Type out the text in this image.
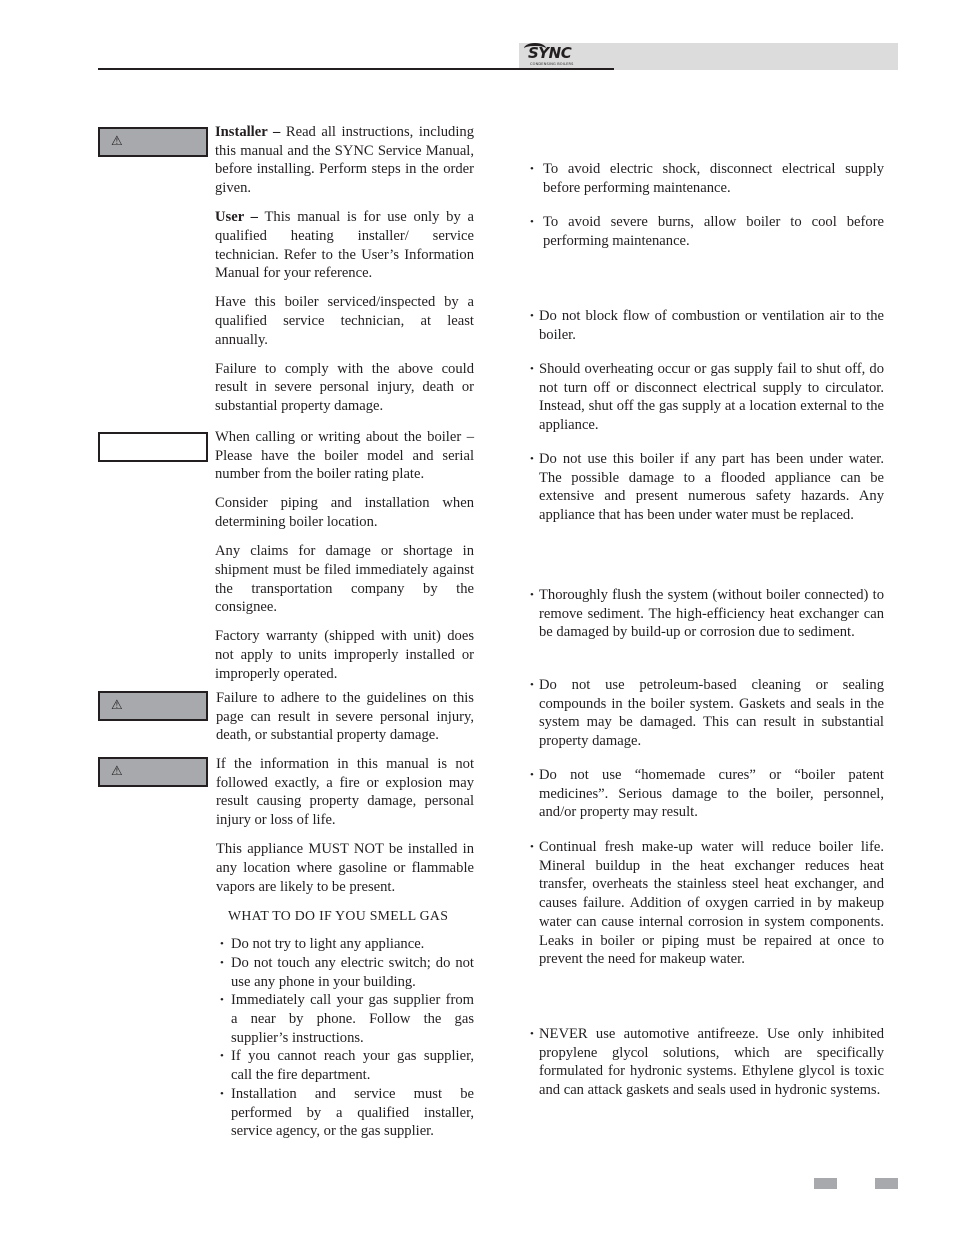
SYNC
CONDENSING BOILERS
⚠
⚠
⚠

Installer – Read all instructions, including this manual and the SYNC Service Manual, before installing. Perform steps in the order given.

User – This manual is for use only by a qualified heating installer/ service technician. Refer to the User’s Information Manual for your reference.

Have this boiler serviced/inspected by a qualified service technician, at least annually.

Failure to comply with the above could result in severe personal injury, death or substantial property damage.

When calling or writing about the boiler – Please have the boiler model and serial number from the boiler rating plate.

Consider piping and installation when determining boiler location.

Any claims for damage or shortage in shipment must be filed immediately against the transportation company by the consignee.

Factory warranty (shipped with unit) does not apply to units improperly installed or improperly operated.

Failure to adhere to the guidelines on this page can result in severe personal injury, death, or substantial property damage.

If the information in this manual is not followed exactly, a fire or explosion may result causing property damage, personal injury or loss of life.

This appliance MUST NOT be installed in any location where gasoline or flammable vapors are likely to be present.

WHAT TO DO IF YOU SMELL GAS
• Do not try to light any appliance.
• Do not touch any electric switch; do not use any phone in your building.
• Immediately call your gas supplier from a near by phone. Follow the gas supplier’s instructions.
• If you cannot reach your gas supplier, call the fire department.
• Installation and service must be performed by a qualified installer, service agency, or the gas supplier.
• To avoid electric shock, disconnect electrical supply before performing maintenance.
• To avoid severe burns, allow boiler to cool before performing maintenance.
• Do not block flow of combustion or ventilation air to the boiler.
• Should overheating occur or gas supply fail to shut off, do not turn off or disconnect electrical supply to circulator. Instead, shut off the gas supply at a location external to the appliance.
• Do not use this boiler if any part has been under water. The possible damage to a flooded appliance can be extensive and present numerous safety hazards. Any appliance that has been under water must be replaced.
• Thoroughly flush the system (without boiler connected) to remove sediment. The high-efficiency heat exchanger can be damaged by build-up or corrosion due to sediment.
• Do not use petroleum-based cleaning or sealing compounds in the boiler system. Gaskets and seals in the system may be damaged. This can result in substantial property damage.
• Do not use “homemade cures” or “boiler patent medicines”. Serious damage to the boiler, personnel, and/or property may result.
• Continual fresh make-up water will reduce boiler life. Mineral buildup in the heat exchanger reduces heat transfer, overheats the stainless steel heat exchanger, and causes failure. Addition of oxygen carried in by makeup water can cause internal corrosion in system components. Leaks in boiler or piping must be repaired at once to prevent the need for makeup water.
• NEVER use automotive antifreeze. Use only inhibited propylene glycol solutions, which are specifically formulated for hydronic systems. Ethylene glycol is toxic and can attack gaskets and seals used in hydronic systems.
